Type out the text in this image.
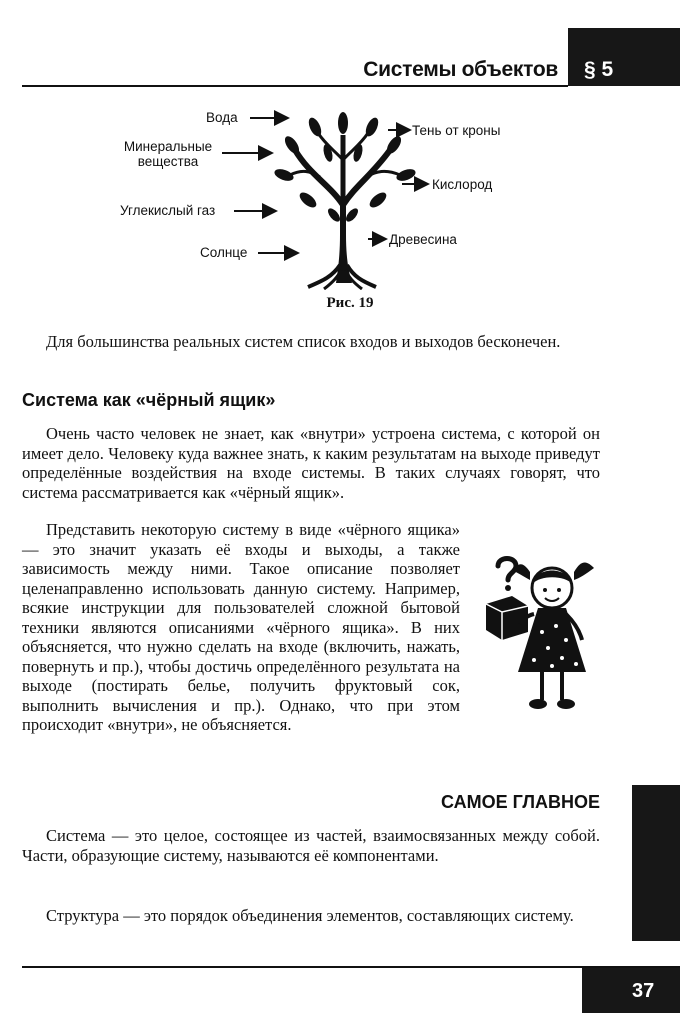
Системы объектов § 5
Вода
Минеральные вещества
Углекислый газ
Солнце
Тень от кроны
Кислород
Древесина
Рис. 19

Для большинства реальных систем список входов и выходов бесконечен.

Система как «чёрный ящик»

Очень часто человек не знает, как «внутри» устроена система, с которой он имеет дело. Человеку куда важнее знать, к каким результатам на выходе приведут определённые воздействия на входе системы. В таких случаях говорят, что система рассматривается как «чёрный ящик».

Представить некоторую систему в виде «чёрного ящика» — это значит указать её входы и выходы, а также зависимость между ними. Такое описание позволяет целенаправленно использовать данную систему. Например, всякие инструкции для пользователей сложной бытовой техники являются описаниями «чёрного ящика». В них объясняется, что нужно сделать на входе (включить, нажать, повернуть и пр.), чтобы достичь определённого результата на выходе (постирать белье, получить фруктовый сок, выполнить вычисления и пр.). Однако, что при этом происходит «внутри», не объясняется.

САМОЕ ГЛАВНОЕ

Система — это целое, состоящее из частей, взаимосвязанных между собой. Части, образующие систему, называются её компонентами.

Структура — это порядок объединения элементов, составляющих систему.

37
